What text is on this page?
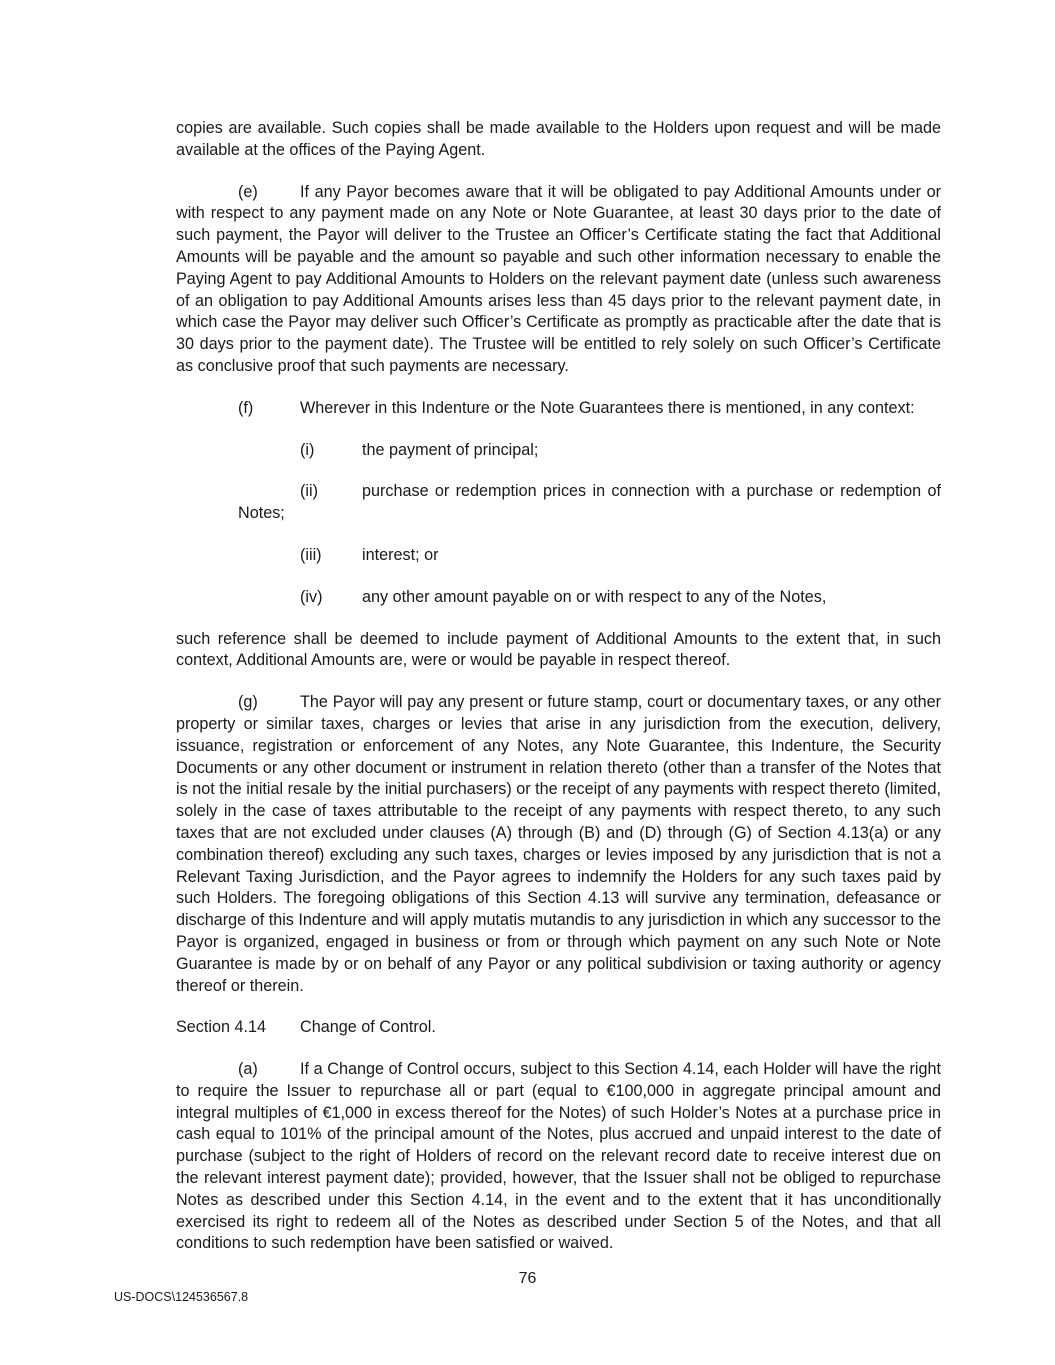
copies are available. Such copies shall be made available to the Holders upon request and will be made available at the offices of the Paying Agent.

(e)	If any Payor becomes aware that it will be obligated to pay Additional Amounts under or with respect to any payment made on any Note or Note Guarantee, at least 30 days prior to the date of such payment, the Payor will deliver to the Trustee an Officer’s Certificate stating the fact that Additional Amounts will be payable and the amount so payable and such other information necessary to enable the Paying Agent to pay Additional Amounts to Holders on the relevant payment date (unless such awareness of an obligation to pay Additional Amounts arises less than 45 days prior to the relevant payment date, in which case the Payor may deliver such Officer’s Certificate as promptly as practicable after the date that is 30 days prior to the payment date). The Trustee will be entitled to rely solely on such Officer’s Certificate as conclusive proof that such payments are necessary.

(f)	Wherever in this Indenture or the Note Guarantees there is mentioned, in any context:

(i)	the payment of principal;

(ii)	purchase or redemption prices in connection with a purchase or redemption of Notes;

(iii) interest; or

(iv) any other amount payable on or with respect to any of the Notes,

such reference shall be deemed to include payment of Additional Amounts to the extent that, in such context, Additional Amounts are, were or would be payable in respect thereof.

(g)	The Payor will pay any present or future stamp, court or documentary taxes, or any other property or similar taxes, charges or levies that arise in any jurisdiction from the execution, delivery, issuance, registration or enforcement of any Notes, any Note Guarantee, this Indenture, the Security Documents or any other document or instrument in relation thereto (other than a transfer of the Notes that is not the initial resale by the initial purchasers) or the receipt of any payments with respect thereto (limited, solely in the case of taxes attributable to the receipt of any payments with respect thereto, to any such taxes that are not excluded under clauses (A) through (B) and (D) through (G) of Section 4.13(a) or any combination thereof) excluding any such taxes, charges or levies imposed by any jurisdiction that is not a Relevant Taxing Jurisdiction, and the Payor agrees to indemnify the Holders for any such taxes paid by such Holders. The foregoing obligations of this Section 4.13 will survive any termination, defeasance or discharge of this Indenture and will apply mutatis mutandis to any jurisdiction in which any successor to the Payor is organized, engaged in business or from or through which payment on any such Note or Note Guarantee is made by or on behalf of any Payor or any political subdivision or taxing authority or agency thereof or therein.

Section 4.14 Change of Control.

(a)	If a Change of Control occurs, subject to this Section 4.14, each Holder will have the right to require the Issuer to repurchase all or part (equal to €100,000 in aggregate principal amount and integral multiples of €1,000 in excess thereof for the Notes) of such Holder’s Notes at a purchase price in cash equal to 101% of the principal amount of the Notes, plus accrued and unpaid interest to the date of purchase (subject to the right of Holders of record on the relevant record date to receive interest due on the relevant interest payment date); provided, however, that the Issuer shall not be obliged to repurchase Notes as described under this Section 4.14, in the event and to the extent that it has unconditionally exercised its right to redeem all of the Notes as described under Section 5 of the Notes, and that all conditions to such redemption have been satisfied or waived.

76
US-DOCS\124536567.8
